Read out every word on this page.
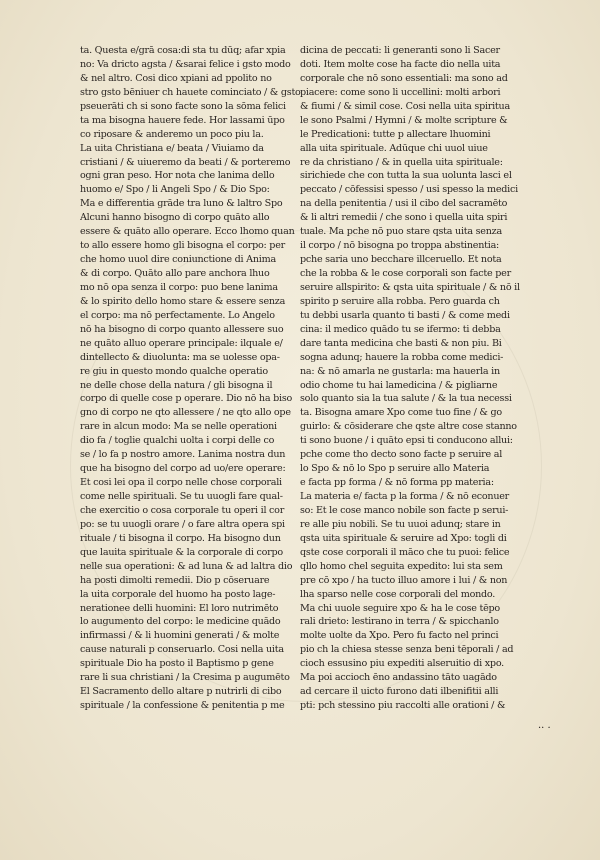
ta. Questa e/grā cosa:di sta tu dūq; afar xpia
no: Va dricto agsta / &sarai felice i gsto modo
& nel altro. Cosi dico xpiani ad ppolito no
stro gsto bēniuer ch hauete cominciato / & gsto
pseuerāti ch si sono facte sono la sōma felici
ta ma bisogna hauere fede. Hor lassami ūpo
co riposare & anderemo un poco piu la.
La uita Christiana e/ beata / Viuiamo da
cristiani / & uiueremo da beati / & porteremo
ogni gran peso. Hor nota che lanima dello
huomo e/ Spo / li Angeli Spo / & Dio Spo:
Ma e differentia grāde tra luno & laltro Spo
Alcuni hanno bisogno di corpo quāto allo
essere & quāto allo operare. Ecco lhomo quan
to allo essere homo gli bisogna el corpo: per
che homo uuol dire coniunctione di Anima
& di corpo. Quāto allo pare anchora lhuo
mo nō opa senza il corpo: puo bene lanima
& lo spirito dello homo stare & essere senza
el corpo: ma nō perfectamente. Lo Angelo
nō ha bisogno di corpo quanto allessere suo
ne quāto alluo operare principale: ilquale e/
dintellecto & diuolunta: ma se uolesse opa-
re giu in questo mondo qualche operatio
ne delle chose della natura / gli bisogna il
corpo di quelle cose p operare. Dio nō ha biso
gno di corpo ne qto allessere / ne qto allo ope
rare in alcun modo: Ma se nelle operationi
dio fa / toglie qualchi uolta i corpi delle co
se / lo fa p nostro amore. Lanima nostra dun
que ha bisogno del corpo ad uo/ere operare:
Et cosi lei opa il corpo nelle chose corporali
come nelle spirituali. Se tu uuogli fare qual-
che exercitio o cosa corporale tu operi il cor
po: se tu uuogli orare / o fare altra opera spi
rituale / ti bisogna il corpo. Ha bisogno dun
que lauita spirituale & la corporale di corpo
nelle sua operationi: & ad luna & ad laltra dio
ha posti dimolti remedii. Dio p cōseruare
la uita corporale del huomo ha posto lage-
nerationee delli huomini: El loro nutrimēto
lo augumento del corpo: le medicine quādo
infirmassi / & li huomini generati / & molte
cause naturali p conseruarlo. Cosi nella uita
spirituale Dio ha posto il Baptismo p gene
rare li sua christiani / la Cresima p augumēto
El Sacramento dello altare p nutrirli di cibo
spirituale / la confessione & penitentia p me
dicina de peccati: li generanti sono li Sacer
doti. Item molte cose ha facte dio nella uita
corporale che nō sono essentiali: ma sono ad
piacere: come sono li uccellini: molti arbori
& fiumi / & simil cose. Cosi nella uita spiritua
le sono Psalmi / Hymni / & molte scripture &
le Predicationi: tutte p allectare lhuomini
alla uita spirituale. Adūque chi uuol uiue
re da christiano / & in quella uita spirituale:
sirichiede che con tutta la sua uolunta lasci el
peccato / cōfessisi spesso / usi spesso la medici
na della penitentia / usi il cibo del sacramēto
& li altri remedii / che sono i quella uita spiri
tuale. Ma pche nō puo stare qsta uita senza
il corpo / nō bisogna po troppa abstinentia:
pche saria uno becchare illceruello. Et nota
che la robba & le cose corporali son facte per
seruire allspirito: & qsta uita spirituale / & nō il
spirito p seruire alla robba. Pero guarda ch
tu debbi usarla quanto ti basti / & come medi
cina: il medico quādo tu se ifermo: ti debba
dare tanta medicina che basti & non piu. Bi
sogna adunq; hauere la robba come medici-
na: & nō amarla ne gustarla: ma hauerla in
odio chome tu hai lamedicina / & pigliarne
solo quanto sia la tua salute / & la tua necessi
ta. Bisogna amare Xpo come tuo fine / & go
guirlo: & cōsiderare che qste altre cose stanno
ti sono buone / i quāto epsi ti conducono allui:
pche come tho decto sono facte p seruire al
lo Spo & nō lo Spo p seruire allo Materia
e facta pp forma / & nō forma pp materia:
La materia e/ facta p la forma / & nō econuer
so: Et le cose manco nobile son facte p serui-
re alle piu nobili. Se tu uuoi adunq; stare in
qsta uita spirituale & seruire ad Xpo: togli di
qste cose corporali il māco che tu puoi: felice
qllo homo chel seguita expedito: lui sta sem
pre cō xpo / ha tucto illuo amore i lui / & non
lha sparso nelle cose corporali del mondo.
Ma chi uuole seguire xpo & ha le cose tēpo
rali drieto: lestirano in terra / & spicchanlo
molte uolte da Xpo. Pero fu facto nel princi
pio ch la chiesa stesse senza beni tēporali / ad
cioch essusino piu expediti alseruitio di xpo.
Ma poi accioch ēno andassino tāto uagādo
ad cercare il uicto furono dati ilbenifitii alli
pti: pch stessino piu raccolti alle orationi / &
·· ·
